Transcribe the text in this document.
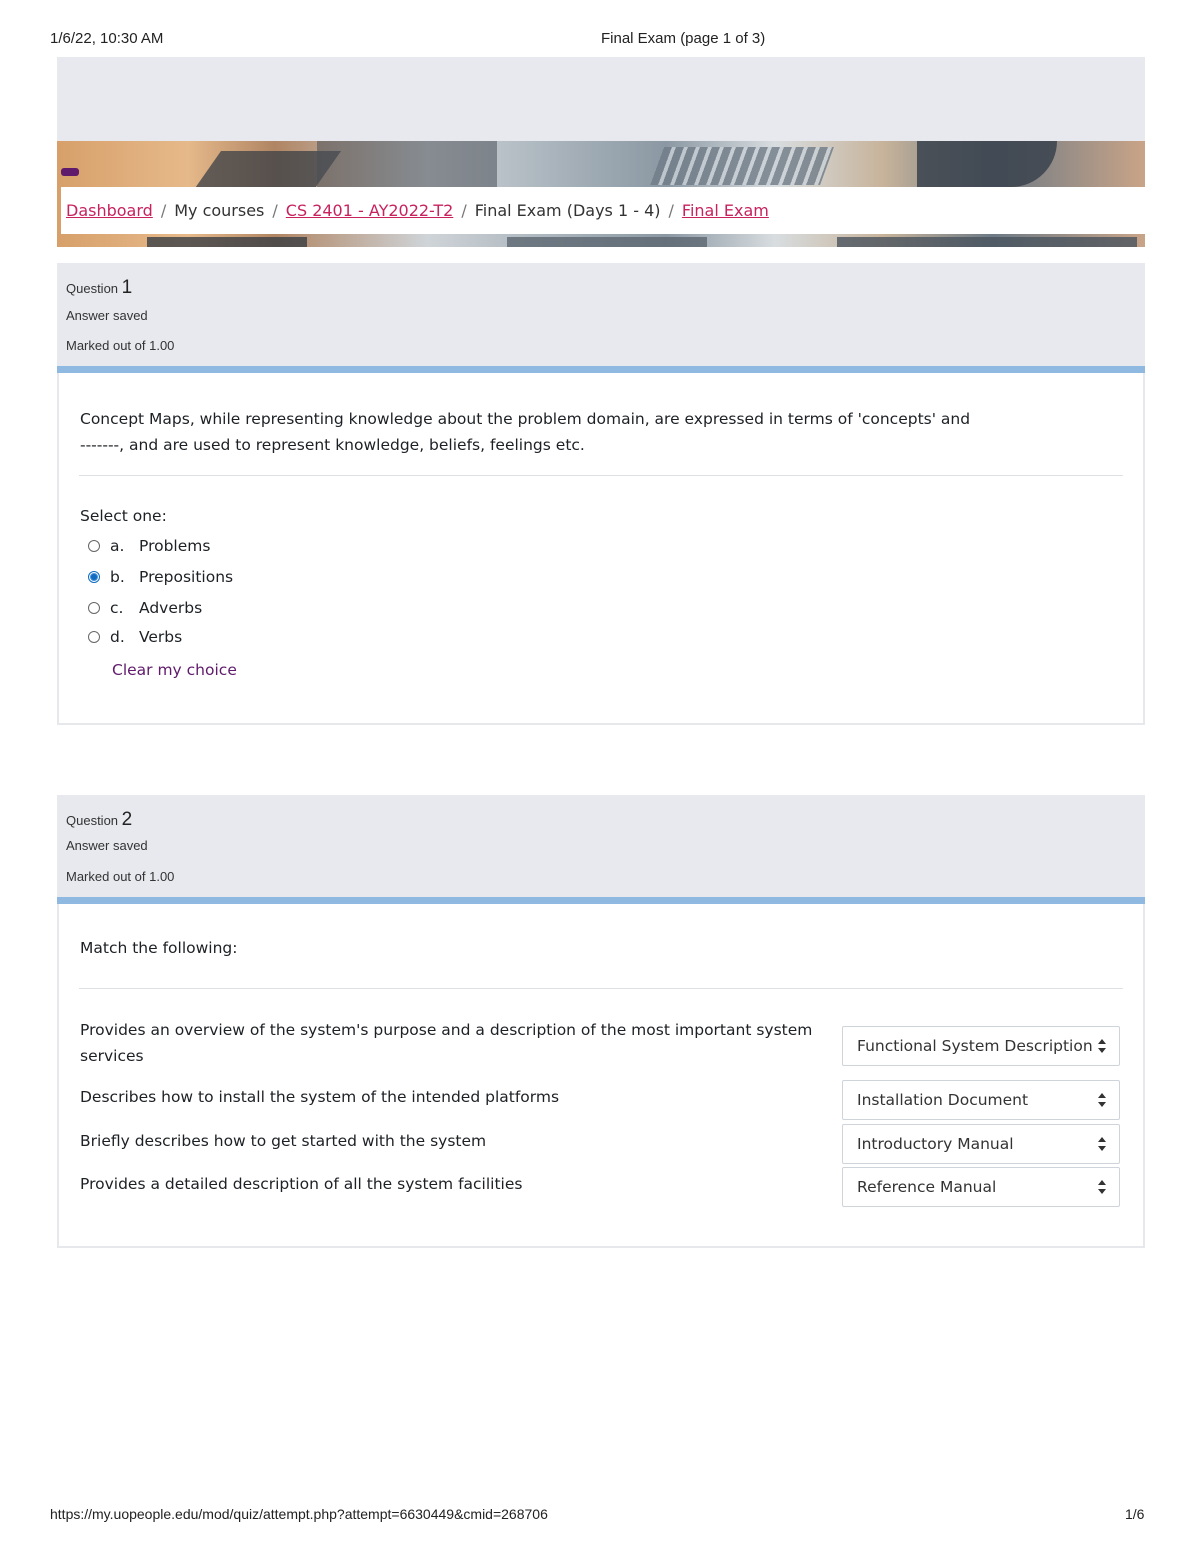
1/6/22, 10:30 AM	Final Exam (page 1 of 3)
Dashboard / My courses / CS 2401 - AY2022-T2 / Final Exam (Days 1 - 4) / Final Exam
Question 1
Answer saved
Marked out of 1.00
Concept Maps, while representing knowledge about the problem domain, are expressed in terms of 'concepts' and
-------, and are used to represent knowledge, beliefs, feelings etc.
Select one:
a. Problems
b. Prepositions
c.	Adverbs
d. Verbs
Clear my choice
Question 2
Answer saved
Marked out of 1.00
Match the following:
Provides an overview of the system's purpose and a description of the most important system
services
Functional System Description
Describes how to install the system of the intended platforms	Installation Document
Briefly describes how to get started with the system	Introductory Manual
Provides a detailed description of all the system facilities	Reference Manual
https://my.uopeople.edu/mod/quiz/attempt.php?attempt=6630449&cmid=268706	1/6
